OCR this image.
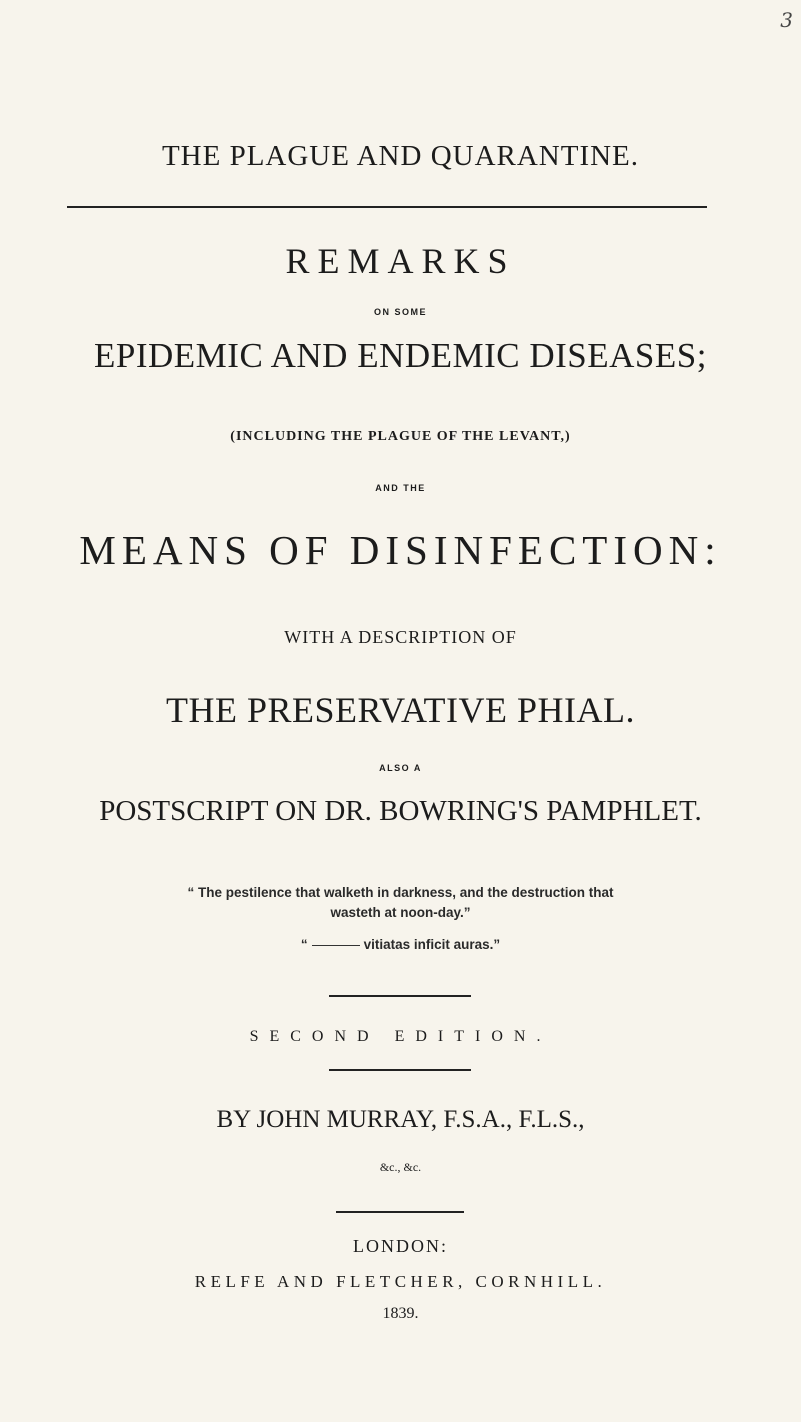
3
THE PLAGUE AND QUARANTINE.
REMARKS
ON SOME
EPIDEMIC AND ENDEMIC DISEASES;
(INCLUDING THE PLAGUE OF THE LEVANT,)
AND THE
MEANS OF DISINFECTION:
WITH A DESCRIPTION OF
THE PRESERVATIVE PHIAL.
ALSO A
POSTSCRIPT ON DR. BOWRING'S PAMPHLET.
“ The pestilence that walketh in darkness, and the destruction that
wasteth at noon-day.”
“	vitiatas inficit auras.”
SECOND EDITION.
BY JOHN MURRAY, F.S.A., F.L.S.,
&c., &c.
LONDON:
RELFE AND FLETCHER, CORNHILL.
1839.
